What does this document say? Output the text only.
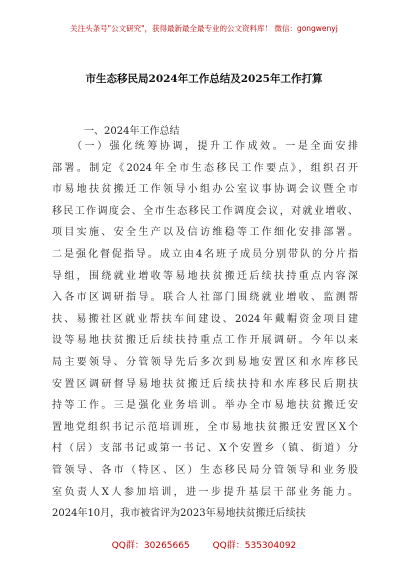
关注头条号"公文研究"，获得最新最全最专业的公文资料库！ 微信：gongwenyj
市生态移民局2024年工作总结及2025年工作打算
一、2024年工作总结
（一）强化统筹协调，提升工作成效。一是全面安排
部署。制定《2024年全市生态移民工作要点》，组织召开
市易地扶贫搬迁工作领导小组办公室议事协调会议暨全市
移民工作调度会、全市生态移民工作调度会议，对就业增收、
项目实施、安全生产以及信访维稳等工作细化安排部署。
二是强化督促指导。成立由4名班子成员分别带队的分片指
导组，围绕就业增收等易地扶贫搬迁后续扶持重点内容深
入各市区调研指导。联合人社部门围绕就业增收、监测帮
扶、易搬社区就业帮扶车间建设、2024年戴帽资金项目建
设等易地扶贫搬迁后续扶持重点工作开展调研。今年以来
局主要领导、分管领导先后多次到易地安置区和水库移民
安置区调研督导易地扶贫搬迁后续扶持和水库移民后期扶
持等工作。三是强化业务培训。举办全市易地扶贫搬迁安
置地党组织书记示范培训班，全市易地扶贫搬迁安置区X个
村（居）支部书记或第一书记、X个安置乡（镇、街道）分
管领导、各市（特区、区）生态移民局分管领导和业务股
室负责人X人参加培训，进一步提升基层干部业务能力。
2024年10月，我市被省评为2023年易地扶贫搬迁后续扶
QQ群：30265665	QQ群：535304092
